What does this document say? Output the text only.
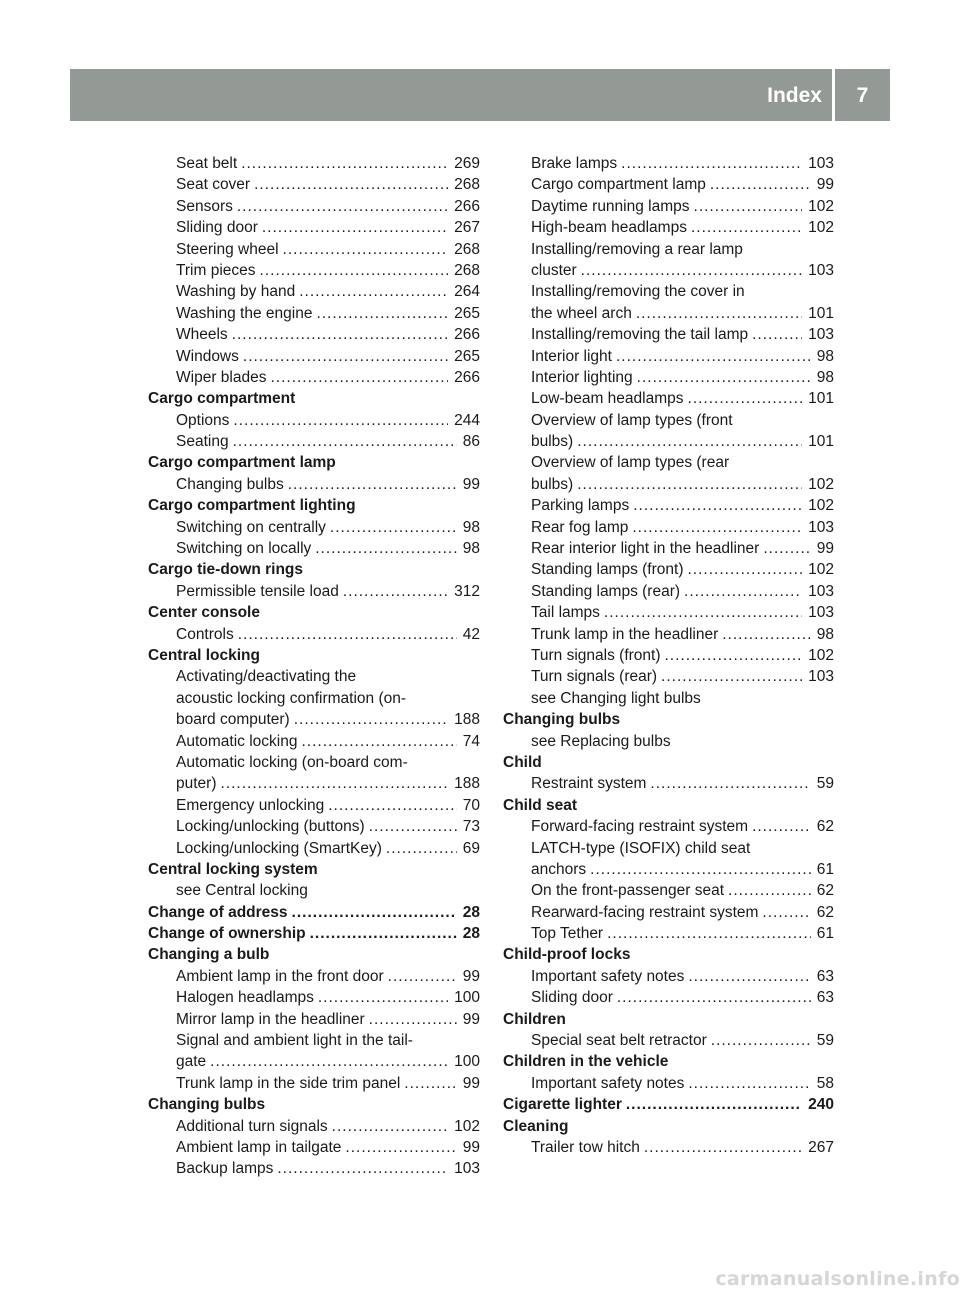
Index	7
Seat belt .....	269
Seat cover .....	268
Sensors .....	266
Sliding door .....	267
Steering wheel .....	268
Trim pieces .....	268
Washing by hand .....	264
Washing the engine .....	265
Wheels .....	266
Windows .....	265
Wiper blades .....	266
Cargo compartment
Options .....	244
Seating .....	86
Cargo compartment lamp
Changing bulbs .....	99
Cargo compartment lighting
Switching on centrally .....	98
Switching on locally .....	98
Cargo tie-down rings
Permissible tensile load .....	312
Center console
Controls .....	42
Central locking
Activating/deactivating the
acoustic locking confirmation (on-
board computer) .....	188
Automatic locking .....	74
Automatic locking (on-board com-
puter) .....	188
Emergency unlocking .....	70
Locking/unlocking (buttons) .....	73
Locking/unlocking (SmartKey) .....	69
Central locking system
see Central locking
Change of address .....	28
Change of ownership .....	28
Changing a bulb
Ambient lamp in the front door .....	99
Halogen headlamps .....	100
Mirror lamp in the headliner .....	99
Signal and ambient light in the tail-
gate .....	100
Trunk lamp in the side trim panel .....	99
Changing bulbs
Additional turn signals .....	102
Ambient lamp in tailgate .....	99
Backup lamps .....	103
Brake lamps .....	103
Cargo compartment lamp .....	99
Daytime running lamps .....	102
High-beam headlamps .....	102
Installing/removing a rear lamp
cluster .....	103
Installing/removing the cover in
the wheel arch .....	101
Installing/removing the tail lamp .....	103
Interior light .....	98
Interior lighting .....	98
Low-beam headlamps .....	101
Overview of lamp types (front
bulbs) .....	101
Overview of lamp types (rear
bulbs) .....	102
Parking lamps .....	102
Rear fog lamp .....	103
Rear interior light in the headliner .....	99
Standing lamps (front) .....	102
Standing lamps (rear) .....	103
Tail lamps .....	103
Trunk lamp in the headliner .....	98
Turn signals (front) .....	102
Turn signals (rear) .....	103
see Changing light bulbs
Changing bulbs
see Replacing bulbs
Child
Restraint system .....	59
Child seat
Forward-facing restraint system .....	62
LATCH-type (ISOFIX) child seat
anchors .....	61
On the front-passenger seat .....	62
Rearward-facing restraint system .....	62
Top Tether .....	61
Child-proof locks
Important safety notes .....	63
Sliding door .....	63
Children
Special seat belt retractor .....	59
Children in the vehicle
Important safety notes .....	58
Cigarette lighter .....	240
Cleaning
Trailer tow hitch .....	267
carmanualsonline.info
